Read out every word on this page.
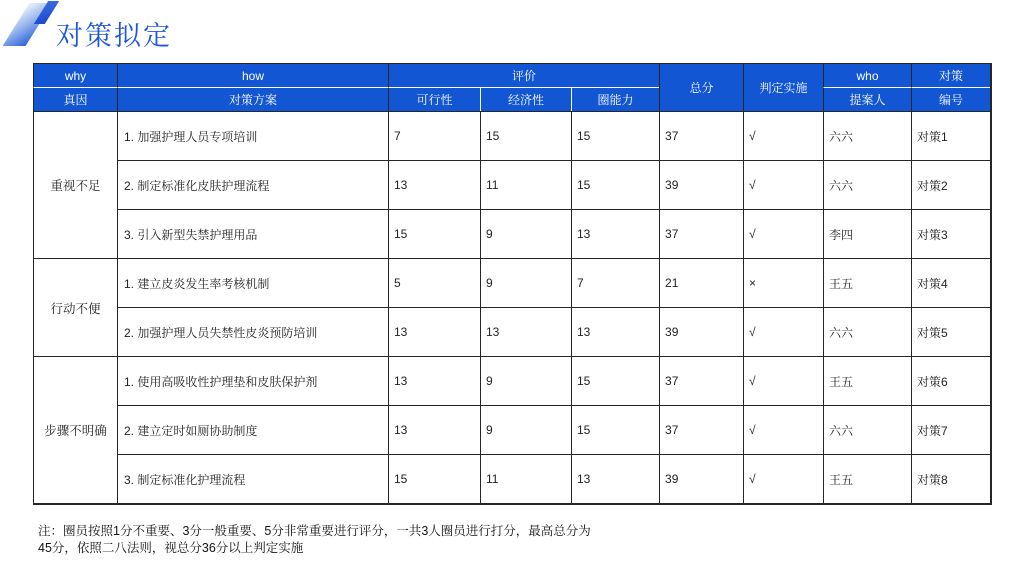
对策拟定
why	how	评价			总分	判定实施	who	对策
真因	对策方案	可行性	经济性	圈能力			提案人	编号
重视不足	1. 加强护理人员专项培训	7	15	15	37	√	六六	对策1
	2. 制定标准化皮肤护理流程	13	11	15	39	√	六六	对策2
	3. 引入新型失禁护理用品	15	9	13	37	√	李四	对策3
行动不便	1. 建立皮炎发生率考核机制	5	9	7	21	×	王五	对策4
	2. 加强护理人员失禁性皮炎预防培训	13	13	13	39	√	六六	对策5
步骤不明确	1. 使用高吸收性护理垫和皮肤保护剂	13	9	15	37	√	王五	对策6
	2. 建立定时如厕协助制度	13	9	15	37	√	六六	对策7
	3. 制定标准化护理流程	15	11	13	39	√	王五	对策8
注：圈员按照1分不重要、3分一般重要、5分非常重要进行评分，一共3人圈员进行打分，最高总分为
45分，依照二八法则，视总分36分以上判定实施
